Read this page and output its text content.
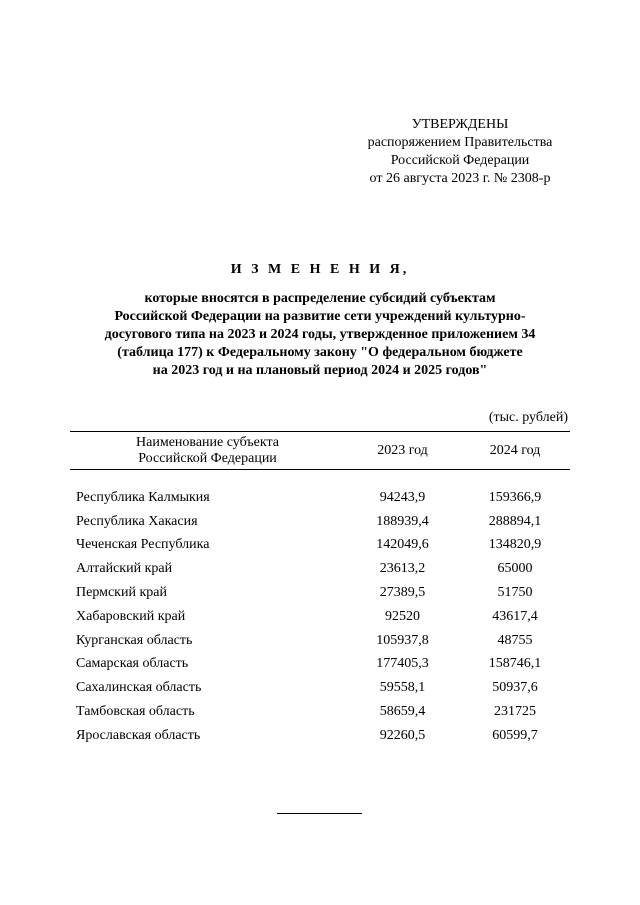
УТВЕРЖДЕНЫ
распоряжением Правительства
Российской Федерации
от 26 августа 2023 г. № 2308-р
И З М Е Н Е Н И Я,
которые вносятся в распределение субсидий субъектам
Российской Федерации на развитие сети учреждений культурно-
досугового типа на 2023 и 2024 годы, утвержденное приложением 34
(таблица 177) к Федеральному закону "О федеральном бюджете
на 2023 год и на плановый период 2024 и 2025 годов"
(тыс. рублей)
Наименование субъекта
Российской Федерации
2023 год	2024 год
Республика Калмыкия	94243,9	159366,9
Республика Хакасия	188939,4	288894,1
Чеченская Республика	142049,6	134820,9
Алтайский край	23613,2	65000
Пермский край	27389,5	51750
Хабаровский край	92520	43617,4
Курганская область	105937,8	48755
Самарская область	177405,3	158746,1
Сахалинская область	59558,1	50937,6
Тамбовская область	58659,4	231725
Ярославская область	92260,5	60599,7
